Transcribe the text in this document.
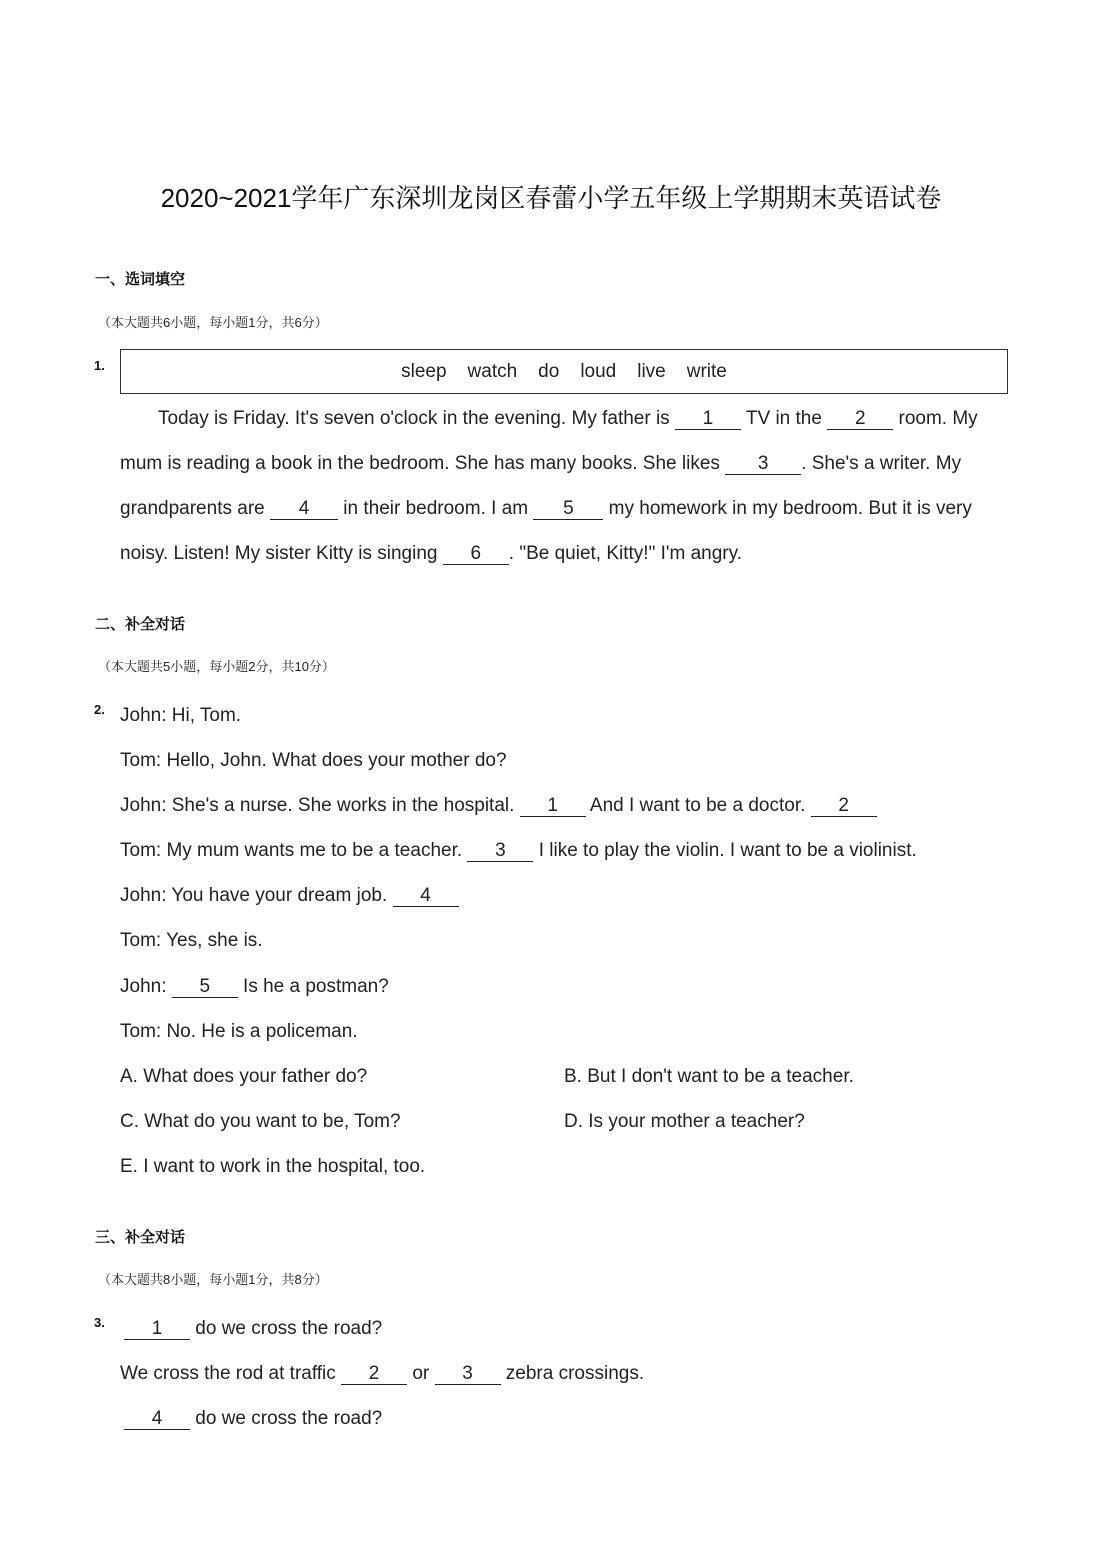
2020~2021学年广东深圳龙岗区春蕾小学五年级上学期期末英语试卷
一、选词填空
（本大题共6小题，每小题1分，共6分）
1.	sleep watch do loud live write
Today is Friday. It's seven o'clock in the evening. My father is 1 TV in the 2 room. My
mum is reading a book in the bedroom. She has many books. She likes 3 . She's a writer. My
grandparents are 4 in their bedroom. I am 5 my homework in my bedroom. But it is very
noisy. Listen! My sister Kitty is singing 6 . "Be quiet, Kitty!" I'm angry.
二、补全对话
（本大题共5小题，每小题2分，共10分）
2. John: Hi, Tom.
Tom: Hello, John. What does your mother do?
John: She's a nurse. She works in the hospital. 1 And I want to be a doctor. 2
Tom: My mum wants me to be a teacher. 3 I like to play the violin. I want to be a violinist.
John: You have your dream job. 4
Tom: Yes, she is.
John: 5 Is he a postman?
Tom: No. He is a policeman.
A. What does your father do?	B. But I don't want to be a teacher.
C. What do you want to be, Tom?	D. Is your mother a teacher?
E. I want to work in the hospital, too.
三、补全对话
（本大题共8小题，每小题1分，共8分）
3.	1 do we cross the road?
We cross the rod at traffic 2 or 3 zebra crossings.
4 do we cross the road?
